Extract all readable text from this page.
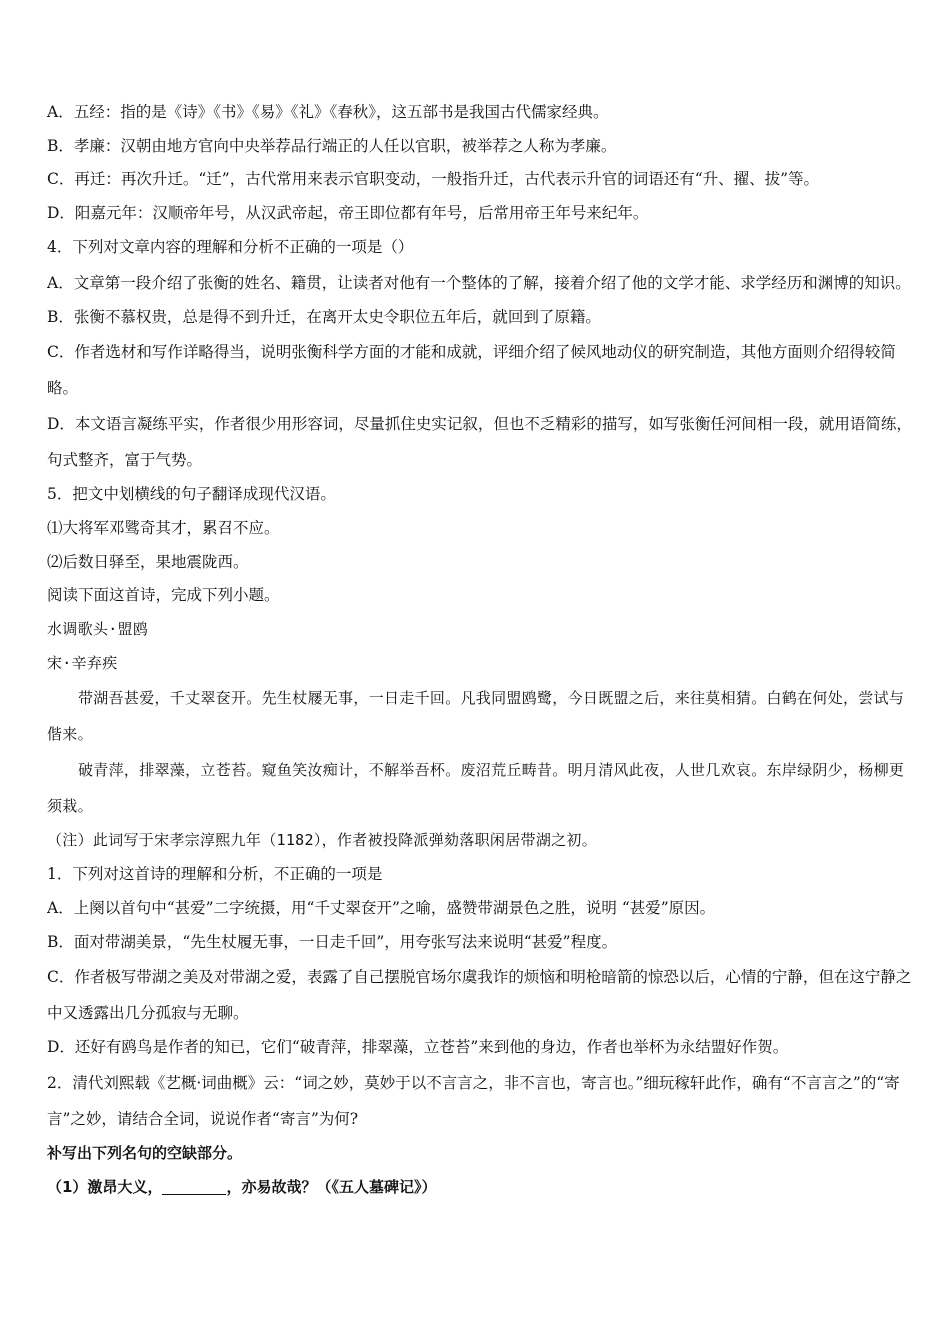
A．五经：指的是《诗》《书》《易》《礼》《春秋》，这五部书是我国古代儒家经典。

B．孝廉：汉朝由地方官向中央举荐品行端正的人任以官职，被举荐之人称为孝廉。

C．再迁：再次升迁。“迁”，古代常用来表示官职变动，一般指升迁，古代表示升官的词语还有“升、擢、拔”等。

D．阳嘉元年：汉顺帝年号，从汉武帝起，帝王即位都有年号，后常用帝王年号来纪年。

4．下列对文章内容的理解和分析不正确的一项是（）

A．文章第一段介绍了张衡的姓名、籍贯，让读者对他有一个整体的了解，接着介绍了他的文学才能、求学经历和渊博的知识。

B．张衡不慕权贵，总是得不到升迁，在离开太史令职位五年后，就回到了原籍。

C．作者选材和写作详略得当，说明张衡科学方面的才能和成就，评细介绍了候风地动仪的研究制造，其他方面则介绍得较简略。

D．本文语言凝练平实，作者很少用形容词，尽量抓住史实记叙，但也不乏精彩的描写，如写张衡任河间相一段，就用语简练，句式整齐，富于气势。

5．把文中划横线的句子翻译成现代汉语。

⑴大将军邓骘奇其才，累召不应。

⑵后数日驿至，果地震陇西。

阅读下面这首诗，完成下列小题。

水调歌头·盟鸥

宋·辛弃疾

带湖吾甚爱，千丈翠奁开。先生杖屦无事，一日走千回。凡我同盟鸥鹭，今日既盟之后，来往莫相猜。白鹤在何处，尝试与偕来。

破青萍，排翠藻，立苍苔。窥鱼笑汝痴计，不解举吾杯。废沼荒丘畴昔。明月清风此夜，人世几欢哀。东岸绿阴少，杨柳更须栽。

（注）此词写于宋孝宗淳熙九年（1182），作者被投降派弹劾落职闲居带湖之初。

1．下列对这首诗的理解和分析，不正确的一项是

A．上阕以首句中“甚爱”二字统摄，用“千丈翠奁开”之喻，盛赞带湖景色之胜，说明 “甚爱”原因。

B．面对带湖美景，“先生杖履无事，一日走千回”，用夸张写法来说明“甚爱”程度。

C．作者极写带湖之美及对带湖之爱，表露了自己摆脱官场尔虞我诈的烦恼和明枪暗箭的惊恐以后，心情的宁静，但在这宁静之中又透露出几分孤寂与无聊。

D．还好有鸥鸟是作者的知已，它们“破青萍，排翠藻，立苍苔”来到他的身边，作者也举杯为永结盟好作贺。

2．清代刘熙载《艺概·词曲概》云：“词之妙，莫妙于以不言言之，非不言也，寄言也。”细玩稼轩此作，确有“不言言之”的“寄言”之妙，请结合全词，说说作者“寄言”为何?

补写出下列名句的空缺部分。

（1）激昂大义，	，亦易故哉？（《五人墓碑记》）
